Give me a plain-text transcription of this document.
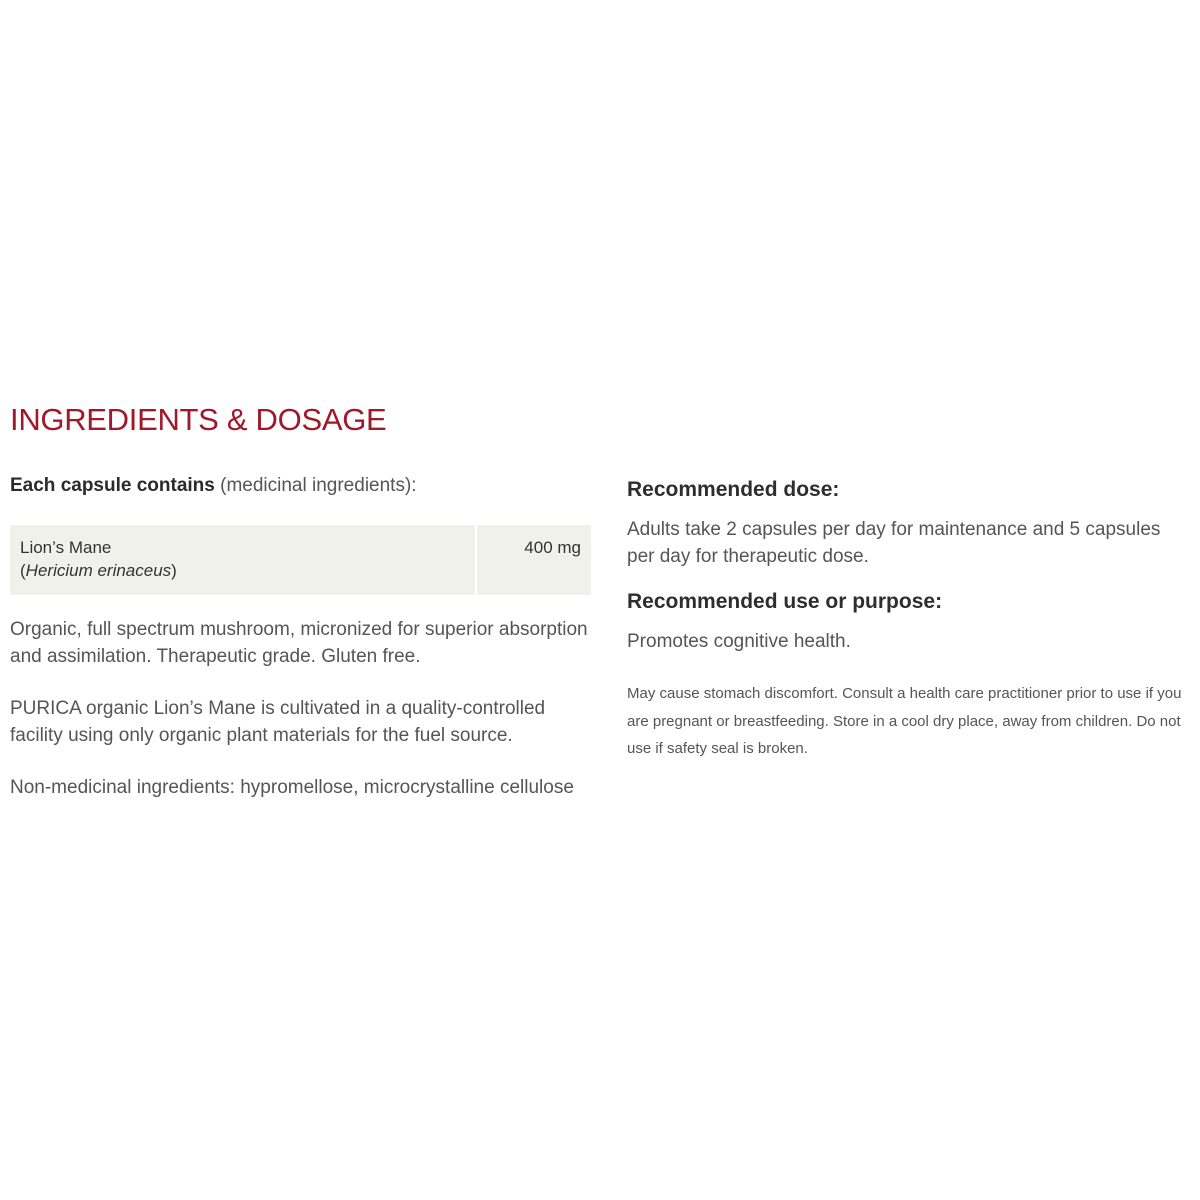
INGREDIENTS & DOSAGE

Each capsule contains (medicinal ingredients):

Lion’s Mane
(Hericium erinaceus)
	400 mg

Organic, full spectrum mushroom, micronized for superior absorption and assimilation. Therapeutic grade. Gluten free.

PURICA organic Lion’s Mane is cultivated in a quality-controlled facility using only organic plant materials for the fuel source.

Non-medicinal ingredients: hypromellose, microcrystalline cellulose

Recommended dose:

Adults take 2 capsules per day for maintenance and 5 capsules per day for therapeutic dose.

Recommended use or purpose:

Promotes cognitive health.

May cause stomach discomfort. Consult a health care practitioner prior to use if you are pregnant or breastfeeding. Store in a cool dry place, away from children. Do not use if safety seal is broken.
